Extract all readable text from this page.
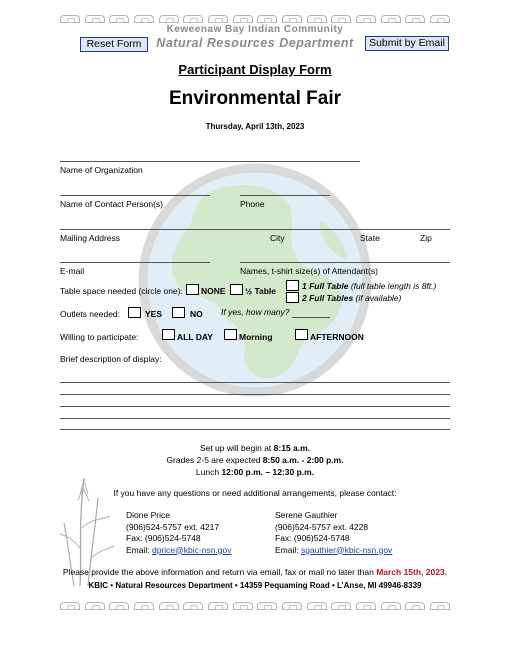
Keweenaw Bay Indian Community
Natural Resources Department
Reset Form	Submit by Email
Participant Display Form
Environmental Fair
Thursday, April 13th, 2023
Name of Organization
Name of Contact Person(s)	Phone
Mailing Address	City	State	Zip
E-mail	Names, t-shirt size(s) of Attendant(s)
Table space needed (circle one): NONE ½ Table	1 Full Table (full table length is 8ft.)
2 Full Tables (if available)
Outlets needed:	YES	NO If yes, how many?
Willing to participate:	ALL DAY	Morning	AFTERNOON
Brief description of display:
Set up will begin at 8:15 a.m.
Grades 2-5 are expected 8:50 a.m. - 2:00 p.m.
Lunch 12:00 p.m. – 12:30 p.m.
If you have any questions or need additional arrangements, please contact:
Dione Price
(906)524-5757 ext. 4217
Fax: (906)524-5748
Email: dprice@kbic-nsn.gov
Serene Gauthier
(906)524-5757 ext. 4228
Fax: (906)524-5748
Email: sgauthier@kbic-nsn.gov
Please provide the above information and return via email, fax or mail no later than March 15th, 2023.
KBIC • Natural Resources Department • 14359 Pequaming Road • L’Anse, MI 49946-8339
